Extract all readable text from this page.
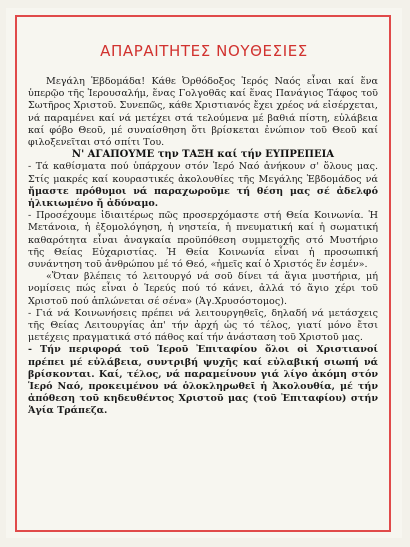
ΑΠΑΡΑΙΤΗΤΕΣ ΝΟΥΘΕΣΙΕΣ

Μεγάλη Ἑβδομάδα! Κάθε Ὀρθόδοξος Ἱερός Ναός εἶναι καί ἕνα ὑπερῷο τῆς Ἱερουσαλήμ, ἕνας Γολγοθᾶς καί ἕνας Πανάγιος Τάφος τοῦ Σωτῆρος Χριστοῦ. Συνεπῶς, κάθε Χριστιανός ἔχει χρέος νά εἰσέρχεται, νά παραμένει καί νά μετέχει στά τελούμενα μέ βαθιά πίστη, εὐλάβεια καί φόβο Θεοῦ, μέ συναίσθηση ὅτι βρίσκεται ἐνώπιον τοῦ Θεοῦ καί φιλοξενεῖται στό σπίτι Του.

Ν' ΑΓΑΠΟΥΜΕ την ΤΑΞΗ καί τήν ΕΥΠΡΕΠΕΙΑ

- Τά καθίσματα πού ὑπάρχουν στόν Ἱερό Ναό ἀνήκουν σ' ὅλους μας. Στίς μακρές καί κουραστικές ἀκολουθίες τῆς Μεγάλης Ἑβδομάδος νά ἤμαστε πρόθυμοι νά παραχωροῦμε τή θέση μας σέ ἀδελφό ἡλικιωμένο ἤ ἀδύναμο.

- Προσέχουμε ἰδιαιτέρως πῶς προσερχόμαστε στή Θεία Κοινωνία. Ἡ Μετάνοια, ἡ ἐξομολόγηση, ἡ νηστεία, ἡ πνευματική καί ἡ σωματική καθαρότητα εἶναι ἀναγκαία προϋπόθεση συμμετοχῆς στό Μυστήριο τῆς Θείας Εὐχαριστίας. Ἡ Θεία Κοινωνία εἶναι ἡ προσωπική συνάντηση τοῦ ἀνθρώπου μέ τό Θεό, «ἡμεῖς καί ὁ Χριστός ἕν ἐσμέν».

«Ὅταν βλέπεις τό λειτουργό νά σοῦ δίνει τά ἅγια μυστήρια, μή νομίσεις πώς εἶναι ὁ Ἱερεύς πού τό κάνει, ἀλλά τό ἅγιο χέρι τοῦ Χριστοῦ πού ἁπλώνεται σέ σένα» (Ἁγ.Χρυσόστομος).

- Γιά νά Κοινωνήσεις πρέπει νά λειτουργηθεῖς, δηλαδή νά μετάσχεις τῆς Θείας Λειτουργίας ἀπ' τήν ἀρχή ὡς τό τέλος, γιατί μόνο ἔτσι μετέχεις πραγματικά στό πάθος καί τήν ἀνάσταση τοῦ Χριστοῦ μας.

- Τήν περιφορά τοῦ Ἱεροῦ Ἐπιταφίου ὅλοι οἱ Χριστιανοί πρέπει μέ εὐλάβεια, συντριβή ψυχῆς καί εὐλαβική σιωπή νά βρίσκονται. Καί, τέλος, νά παραμείνουν γιά λίγο ἀκόμη στόν Ἱερό Ναό, προκειμένου νά ὁλοκληρωθεῖ ἡ Ἀκολουθία, μέ τήν ἀπόθεση τοῦ κηδευθέντος Χριστοῦ μας (τοῦ Ἐπιταφίου) στήν Ἁγία Τράπεζα.
